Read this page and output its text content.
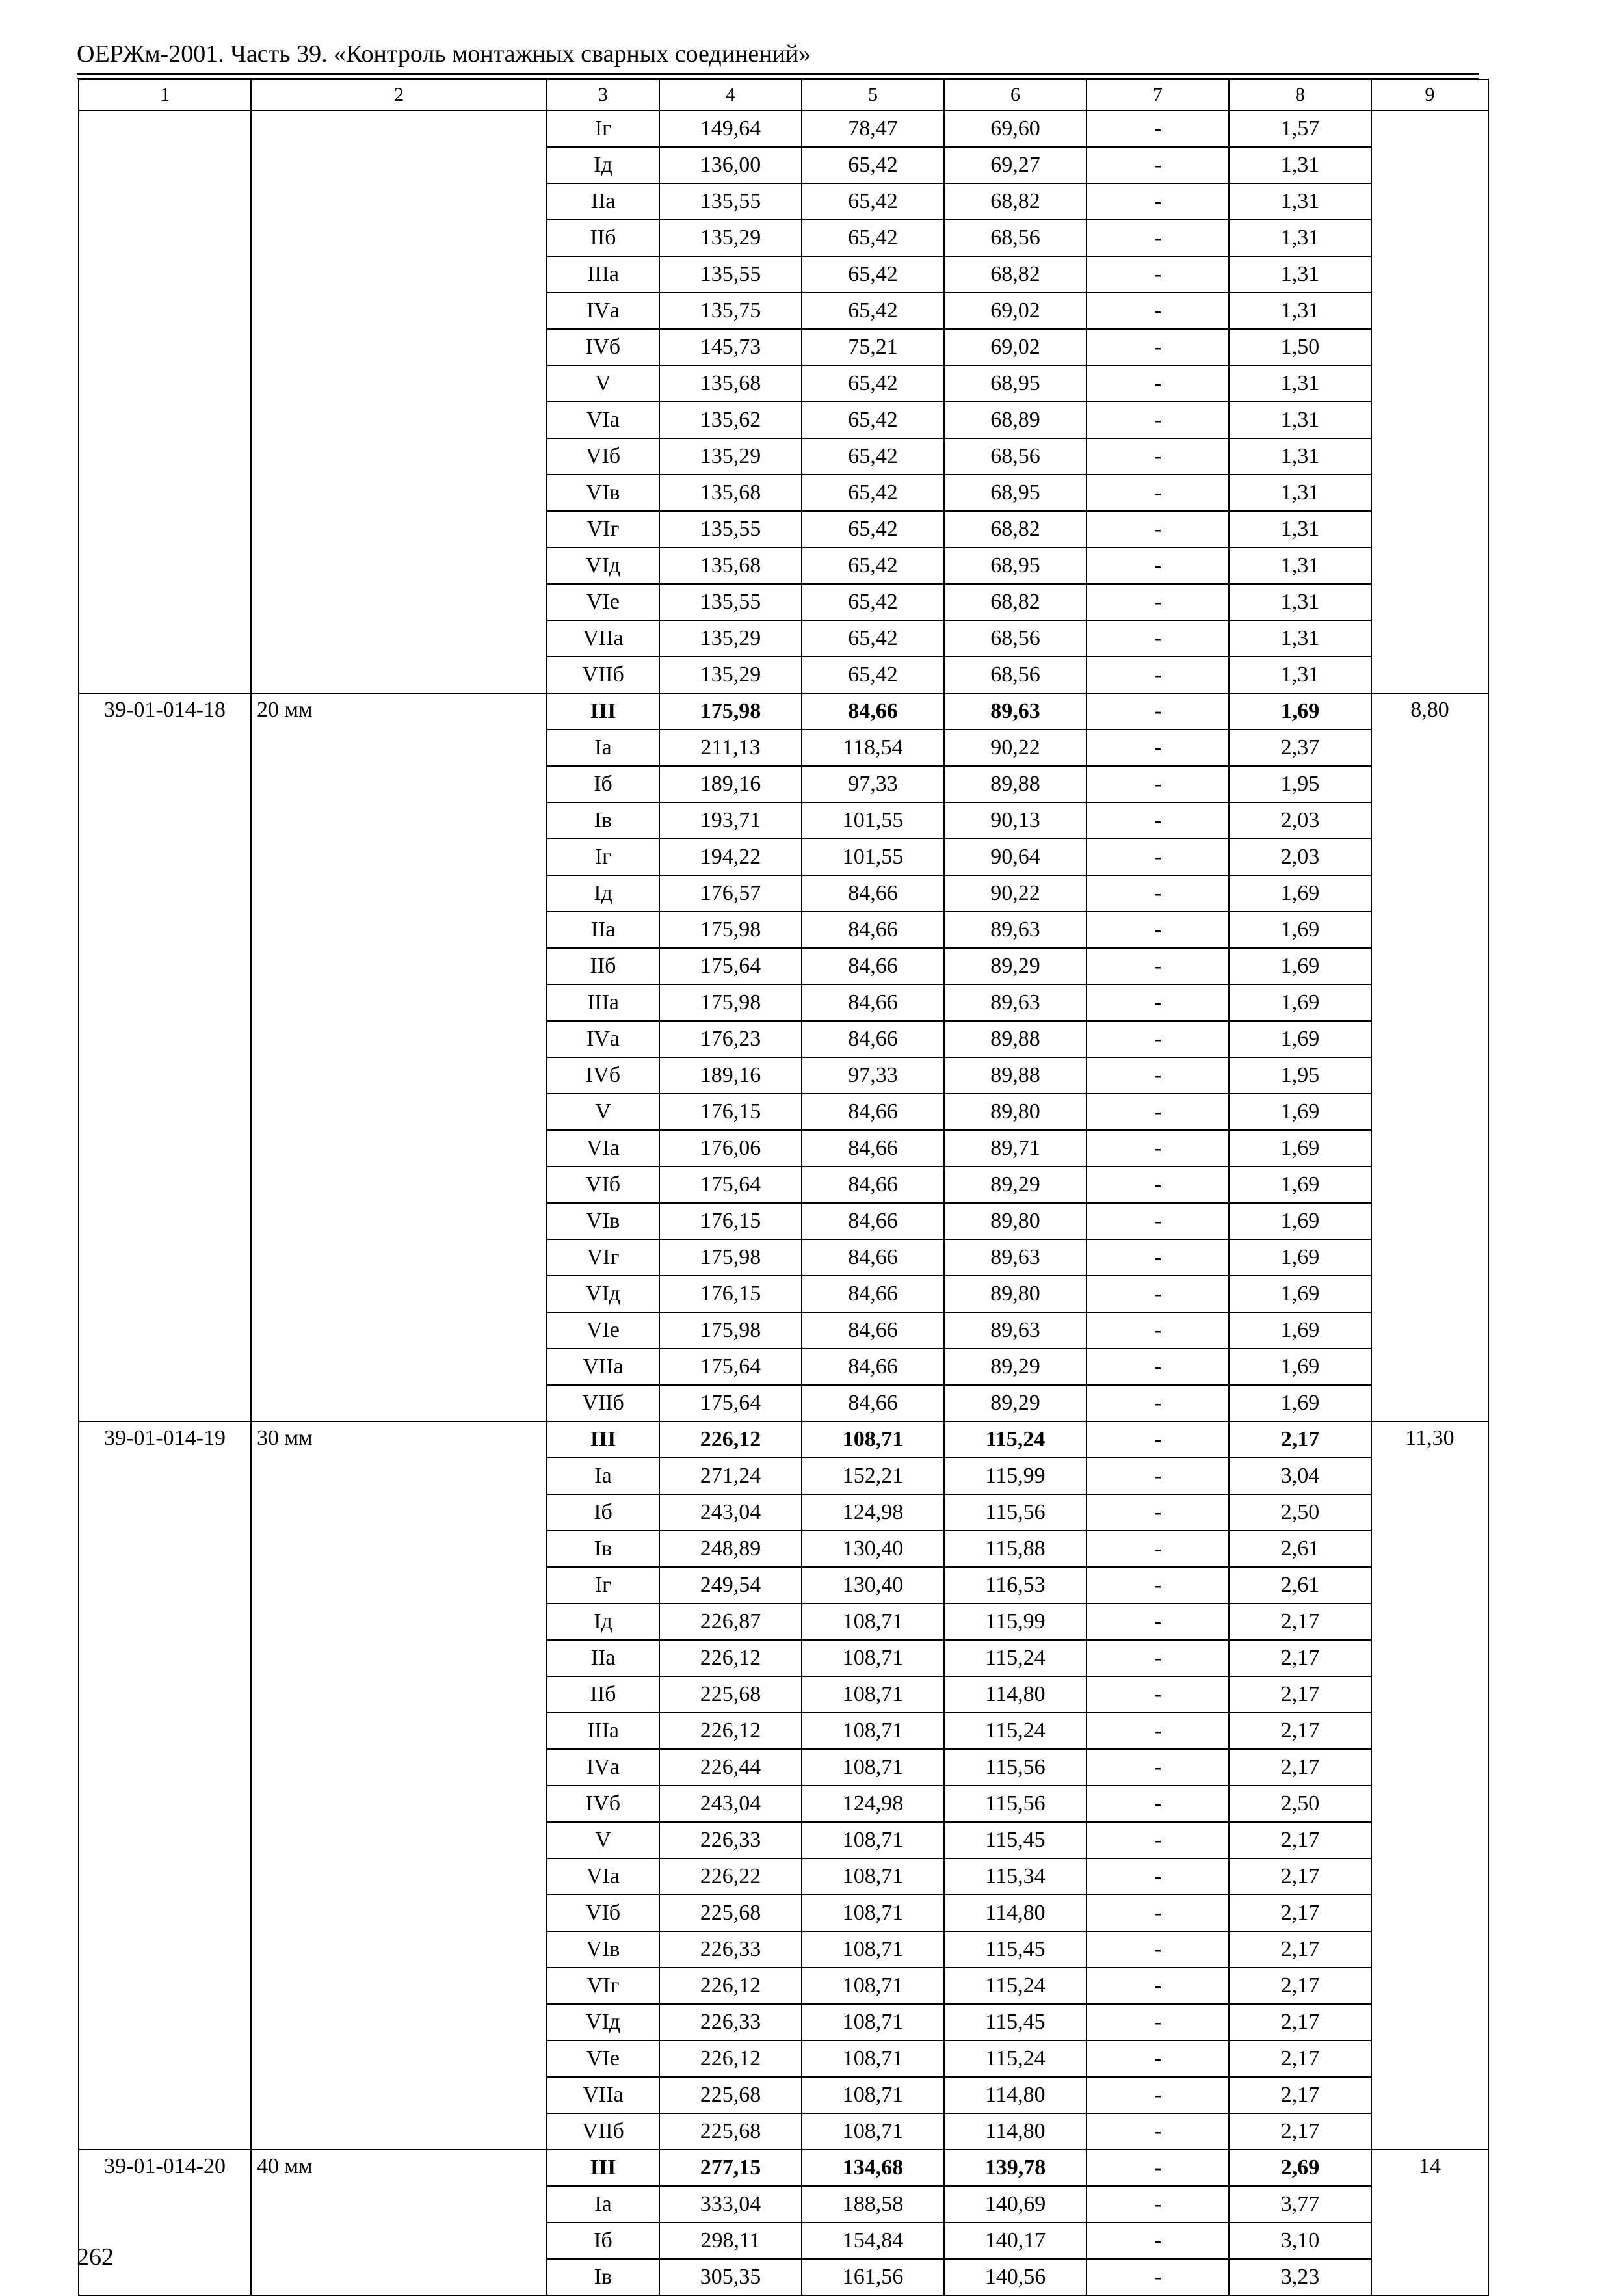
ОЕРЖм-2001. Часть 39. «Контроль монтажных сварных соединений»
1	2	3	4	5	6	7	8	9
		Iг	149,64	78,47	69,60	-	1,57	
		Iд	136,00	65,42	69,27	-	1,31	
		IIа	135,55	65,42	68,82	-	1,31	
		IIб	135,29	65,42	68,56	-	1,31	
		IIIа	135,55	65,42	68,82	-	1,31	
		IVа	135,75	65,42	69,02	-	1,31	
		IVб	145,73	75,21	69,02	-	1,50	
		V	135,68	65,42	68,95	-	1,31	
		VIа	135,62	65,42	68,89	-	1,31	
		VIб	135,29	65,42	68,56	-	1,31	
		VIв	135,68	65,42	68,95	-	1,31	
		VIг	135,55	65,42	68,82	-	1,31	
		VIд	135,68	65,42	68,95	-	1,31	
		VIе	135,55	65,42	68,82	-	1,31	
		VIIа	135,29	65,42	68,56	-	1,31	
		VIIб	135,29	65,42	68,56	-	1,31	
39-01-014-18	20 мм	III	175,98	84,66	89,63	-	1,69	8,80
		Iа	211,13	118,54	90,22	-	2,37	
		Iб	189,16	97,33	89,88	-	1,95	
		Iв	193,71	101,55	90,13	-	2,03	
		Iг	194,22	101,55	90,64	-	2,03	
		Iд	176,57	84,66	90,22	-	1,69	
		IIа	175,98	84,66	89,63	-	1,69	
		IIб	175,64	84,66	89,29	-	1,69	
		IIIа	175,98	84,66	89,63	-	1,69	
		IVа	176,23	84,66	89,88	-	1,69	
		IVб	189,16	97,33	89,88	-	1,95	
		V	176,15	84,66	89,80	-	1,69	
		VIа	176,06	84,66	89,71	-	1,69	
		VIб	175,64	84,66	89,29	-	1,69	
		VIв	176,15	84,66	89,80	-	1,69	
		VIг	175,98	84,66	89,63	-	1,69	
		VIд	176,15	84,66	89,80	-	1,69	
		VIе	175,98	84,66	89,63	-	1,69	
		VIIа	175,64	84,66	89,29	-	1,69	
		VIIб	175,64	84,66	89,29	-	1,69	
39-01-014-19	30 мм	III	226,12	108,71	115,24	-	2,17	11,30
		Iа	271,24	152,21	115,99	-	3,04	
		Iб	243,04	124,98	115,56	-	2,50	
		Iв	248,89	130,40	115,88	-	2,61	
		Iг	249,54	130,40	116,53	-	2,61	
		Iд	226,87	108,71	115,99	-	2,17	
		IIа	226,12	108,71	115,24	-	2,17	
		IIб	225,68	108,71	114,80	-	2,17	
		IIIа	226,12	108,71	115,24	-	2,17	
		IVа	226,44	108,71	115,56	-	2,17	
		IVб	243,04	124,98	115,56	-	2,50	
		V	226,33	108,71	115,45	-	2,17	
		VIа	226,22	108,71	115,34	-	2,17	
		VIб	225,68	108,71	114,80	-	2,17	
		VIв	226,33	108,71	115,45	-	2,17	
		VIг	226,12	108,71	115,24	-	2,17	
		VIд	226,33	108,71	115,45	-	2,17	
		VIе	226,12	108,71	115,24	-	2,17	
		VIIа	225,68	108,71	114,80	-	2,17	
		VIIб	225,68	108,71	114,80	-	2,17	
39-01-014-20	40 мм	III	277,15	134,68	139,78	-	2,69	14
		Iа	333,04	188,58	140,69	-	3,77	
		Iб	298,11	154,84	140,17	-	3,10	
		Iв	305,35	161,56	140,56	-	3,23	
262
